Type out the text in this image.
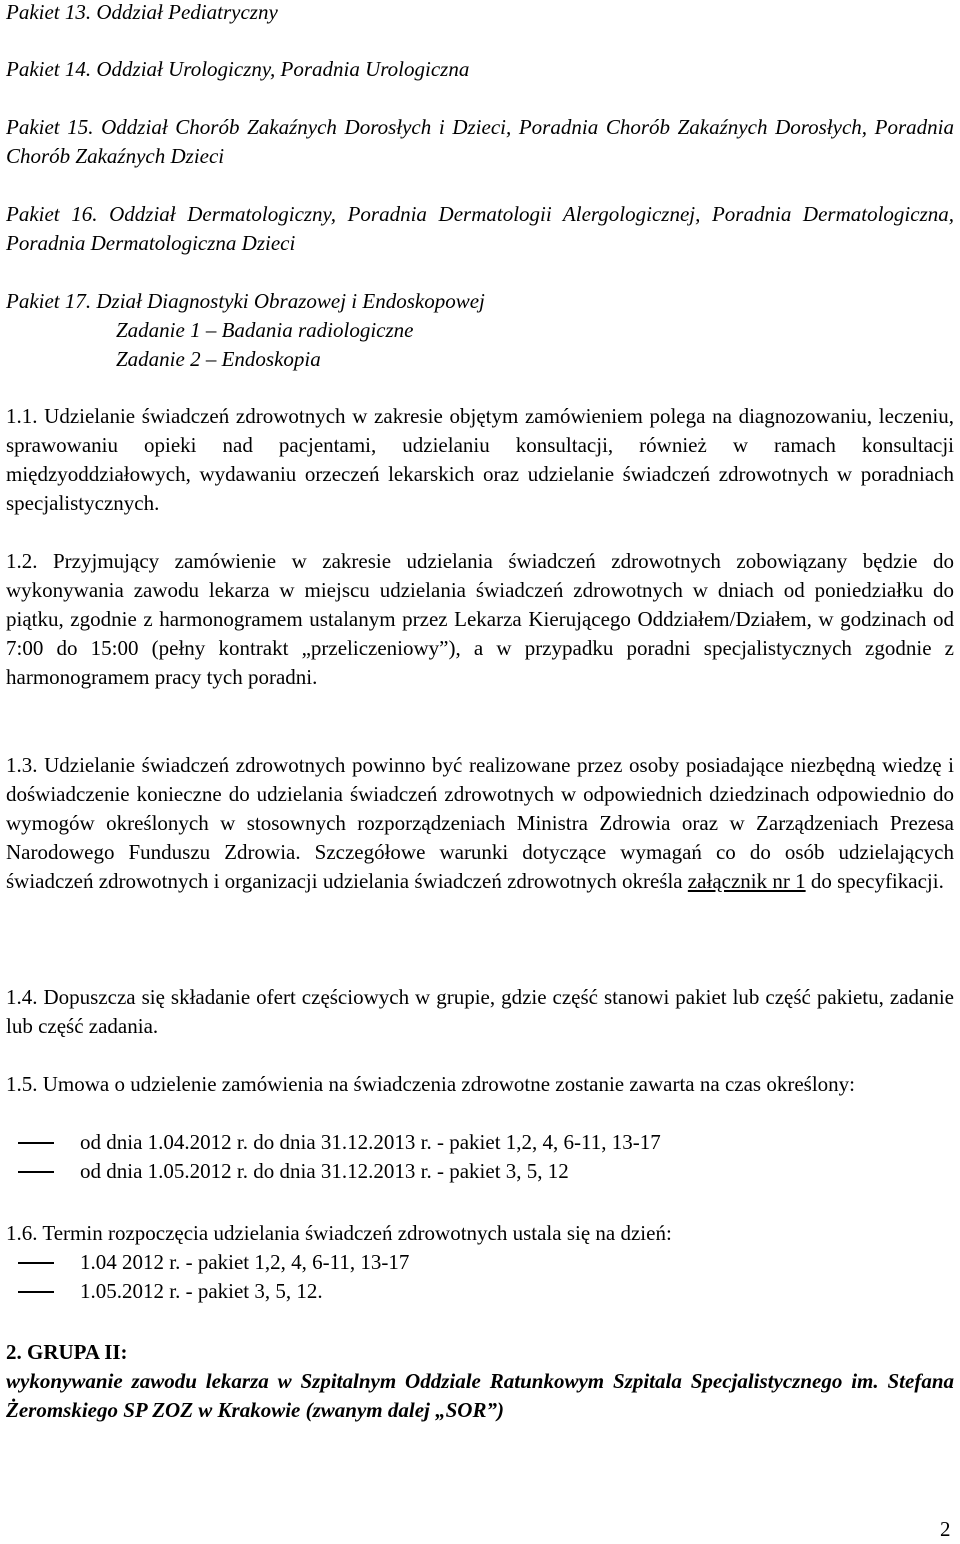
Pakiet 13. Oddział Pediatryczny

Pakiet 14. Oddział Urologiczny, Poradnia Urologiczna

Pakiet 15. Oddział Chorób Zakaźnych Dorosłych i Dzieci, Poradnia Chorób Zakaźnych Dorosłych, Poradnia Chorób Zakaźnych Dzieci

Pakiet 16. Oddział Dermatologiczny, Poradnia Dermatologii Alergologicznej, Poradnia Dermatologiczna, Poradnia Dermatologiczna Dzieci

Pakiet 17. Dział Diagnostyki Obrazowej i Endoskopowej

Zadanie 1 – Badania radiologiczne

Zadanie 2 – Endoskopia

1.1. Udzielanie świadczeń zdrowotnych w zakresie objętym zamówieniem polega na diagnozowaniu, leczeniu, sprawowaniu opieki nad pacjentami, udzielaniu konsultacji, również w ramach konsultacji międzyoddziałowych, wydawaniu orzeczeń lekarskich oraz udzielanie świadczeń zdrowotnych w poradniach specjalistycznych.

1.2. Przyjmujący zamówienie w zakresie udzielania świadczeń zdrowotnych zobowiązany będzie do wykonywania zawodu lekarza w miejscu udzielania świadczeń zdrowotnych w dniach od poniedziałku do piątku, zgodnie z harmonogramem ustalanym przez Lekarza Kierującego Oddziałem/Działem, w godzinach od 7:00 do 15:00 (pełny kontrakt „przeliczeniowy”), a w przypadku poradni specjalistycznych zgodnie z harmonogramem pracy tych poradni.

1.3. Udzielanie świadczeń zdrowotnych powinno być realizowane przez osoby posiadające niezbędną wiedzę i doświadczenie konieczne do udzielania świadczeń zdrowotnych w odpowiednich dziedzinach odpowiednio do wymogów określonych w stosownych rozporządzeniach Ministra Zdrowia oraz w Zarządzeniach Prezesa Narodowego Funduszu Zdrowia. Szczegółowe warunki dotyczące wymagań co do osób udzielających świadczeń zdrowotnych i organizacji udzielania świadczeń zdrowotnych określa załącznik nr 1 do specyfikacji.

1.4. Dopuszcza się składanie ofert częściowych w grupie, gdzie część stanowi pakiet lub część pakietu, zadanie lub część zadania.

1.5. Umowa o udzielenie zamówienia na świadczenia zdrowotne zostanie zawarta na czas określony:

od dnia 1.04.2012 r. do dnia 31.12.2013 r. - pakiet 1,2, 4, 6-11, 13-17
od dnia 1.05.2012 r. do dnia 31.12.2013 r. - pakiet 3, 5, 12

1.6. Termin rozpoczęcia udzielania świadczeń zdrowotnych ustala się na dzień:

1.04 2012 r. - pakiet 1,2, 4, 6-11, 13-17
1.05.2012 r. - pakiet 3, 5, 12.

2. GRUPA II:

wykonywanie zawodu lekarza w Szpitalnym Oddziale Ratunkowym Szpitala Specjalistycznego im. Stefana Żeromskiego SP ZOZ w Krakowie (zwanym dalej „SOR”)

2
